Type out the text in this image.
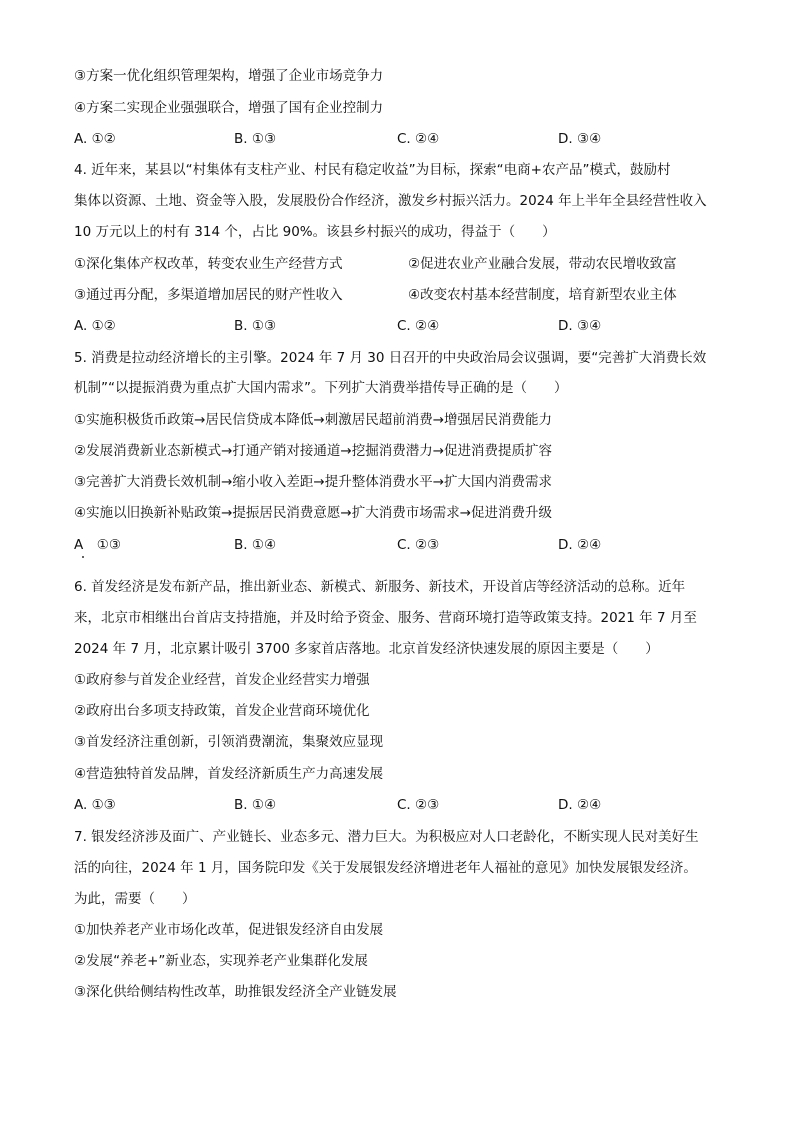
③方案一优化组织管理架构，增强了企业市场竞争力
④方案二实现企业强强联合，增强了国有企业控制力
A. ①②	B. ①③	C. ②④	D. ③④
4. 近年来，某县以“村集体有支柱产业、村民有稳定收益”为目标，探索“电商+农产品”模式，鼓励村
集体以资源、土地、资金等入股，发展股份合作经济，激发乡村振兴活力。2024 年上半年全县经营性收入
10 万元以上的村有 314 个，占比 90%。该县乡村振兴的成功，得益于（　　）
①深化集体产权改革，转变农业生产经营方式	②促进农业产业融合发展，带动农民增收致富
③通过再分配，多渠道增加居民的财产性收入	④改变农村基本经营制度，培育新型农业主体
A. ①②	B. ①③	C. ②④	D. ③④
5. 消费是拉动经济增长的主引擎。2024 年 7 月 30 日召开的中央政治局会议强调，要“完善扩大消费长效
机制”“以提振消费为重点扩大国内需求”。下列扩大消费举措传导正确的是（　　）
①实施积极货币政策→居民信贷成本降低→刺激居民超前消费→增强居民消费能力
②发展消费新业态新模式→打通产销对接通道→挖掘消费潜力→促进消费提质扩容
③完善扩大消费长效机制→缩小收入差距→提升整体消费水平→扩大国内消费需求
④实施以旧换新补贴政策→提振居民消费意愿→扩大消费市场需求→促进消费升级
A　①③	B. ①④	C. ②③	D. ②④
6. 首发经济是发布新产品，推出新业态、新模式、新服务、新技术，开设首店等经济活动的总称。近年
来，北京市相继出台首店支持措施，并及时给予资金、服务、营商环境打造等政策支持。2021 年 7 月至
2024 年 7 月，北京累计吸引 3700 多家首店落地。北京首发经济快速发展的原因主要是（　　）
①政府参与首发企业经营，首发企业经营实力增强
②政府出台多项支持政策，首发企业营商环境优化
③首发经济注重创新，引领消费潮流，集聚效应显现
④营造独特首发品牌，首发经济新质生产力高速发展
A. ①③	B. ①④	C. ②③	D. ②④
7. 银发经济涉及面广、产业链长、业态多元、潜力巨大。为积极应对人口老龄化，不断实现人民对美好生
活的向往，2024 年 1 月，国务院印发《关于发展银发经济增进老年人福祉的意见》加快发展银发经济。
为此，需要（　　）
①加快养老产业市场化改革，促进银发经济自由发展
②发展“养老+”新业态，实现养老产业集群化发展
③深化供给侧结构性改革，助推银发经济全产业链发展
